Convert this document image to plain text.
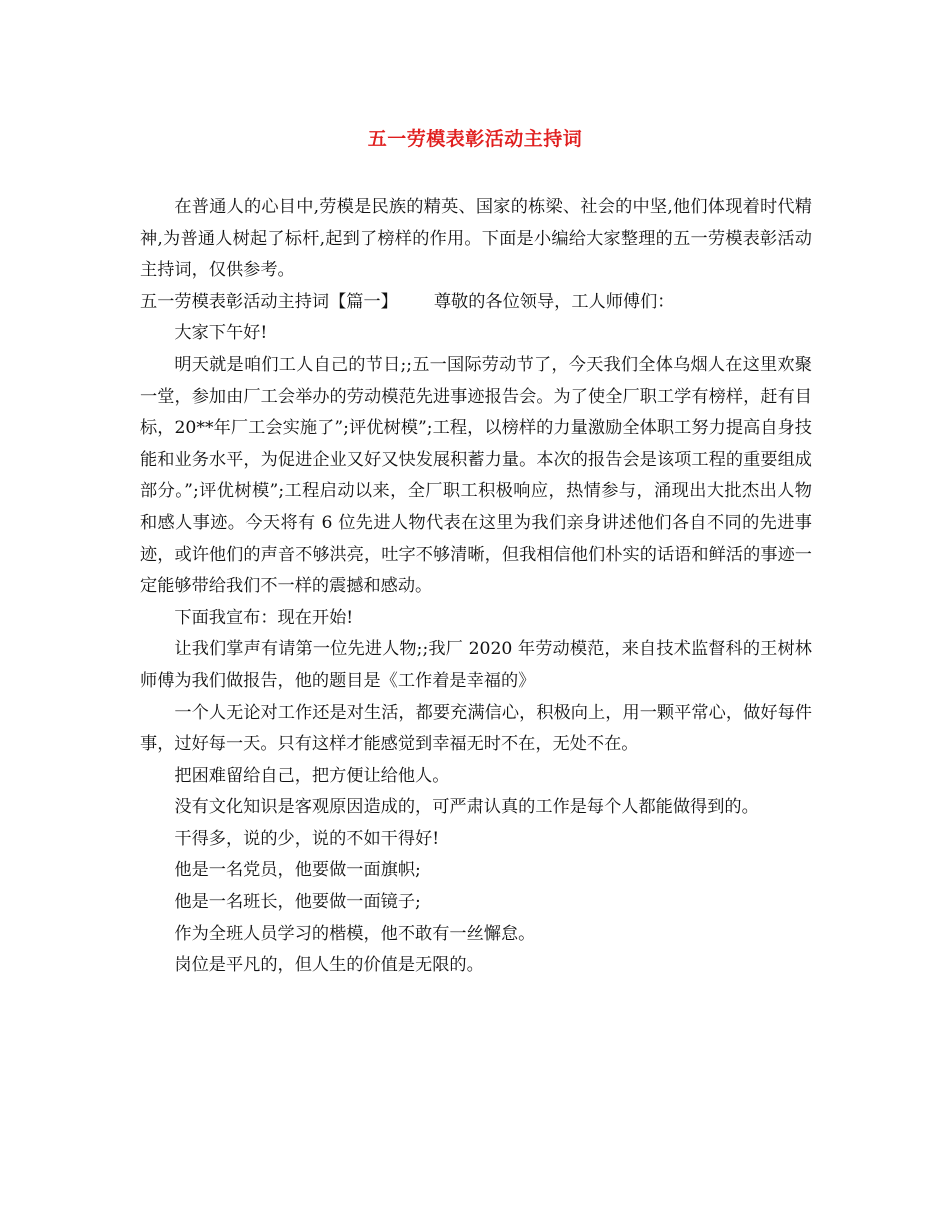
五一劳模表彰活动主持词

在普通人的心目中,劳模是民族的精英、国家的栋梁、社会的中坚,他们体现着时代精神,为普通人树起了标杆,起到了榜样的作用。下面是小编给大家整理的五一劳模表彰活动主持词，仅供参考。

五一劳模表彰活动主持词【篇一】 尊敬的各位领导，工人师傅们：

大家下午好!

明天就是咱们工人自己的节日;;五一国际劳动节了，今天我们全体乌烟人在这里欢聚一堂，参加由厂工会举办的劳动模范先进事迹报告会。为了使全厂职工学有榜样，赶有目标，20**年厂工会实施了”;评优树模”;工程，以榜样的力量激励全体职工努力提高自身技能和业务水平，为促进企业又好又快发展积蓄力量。本次的报告会是该项工程的重要组成部分。”;评优树模”;工程启动以来，全厂职工积极响应，热情参与，涌现出大批杰出人物和感人事迹。今天将有 6 位先进人物代表在这里为我们亲身讲述他们各自不同的先进事迹，或许他们的声音不够洪亮，吐字不够清晰，但我相信他们朴实的话语和鲜活的事迹一定能够带给我们不一样的震撼和感动。

下面我宣布：现在开始!

让我们掌声有请第一位先进人物;;我厂 2020 年劳动模范，来自技术监督科的王树林师傅为我们做报告，他的题目是《工作着是幸福的》

一个人无论对工作还是对生活，都要充满信心，积极向上，用一颗平常心，做好每件事，过好每一天。只有这样才能感觉到幸福无时不在，无处不在。

把困难留给自己，把方便让给他人。

没有文化知识是客观原因造成的，可严肃认真的工作是每个人都能做得到的。

干得多，说的少，说的不如干得好!

他是一名党员，他要做一面旗帜;

他是一名班长，他要做一面镜子;

作为全班人员学习的楷模，他不敢有一丝懈怠。

岗位是平凡的，但人生的价值是无限的。
